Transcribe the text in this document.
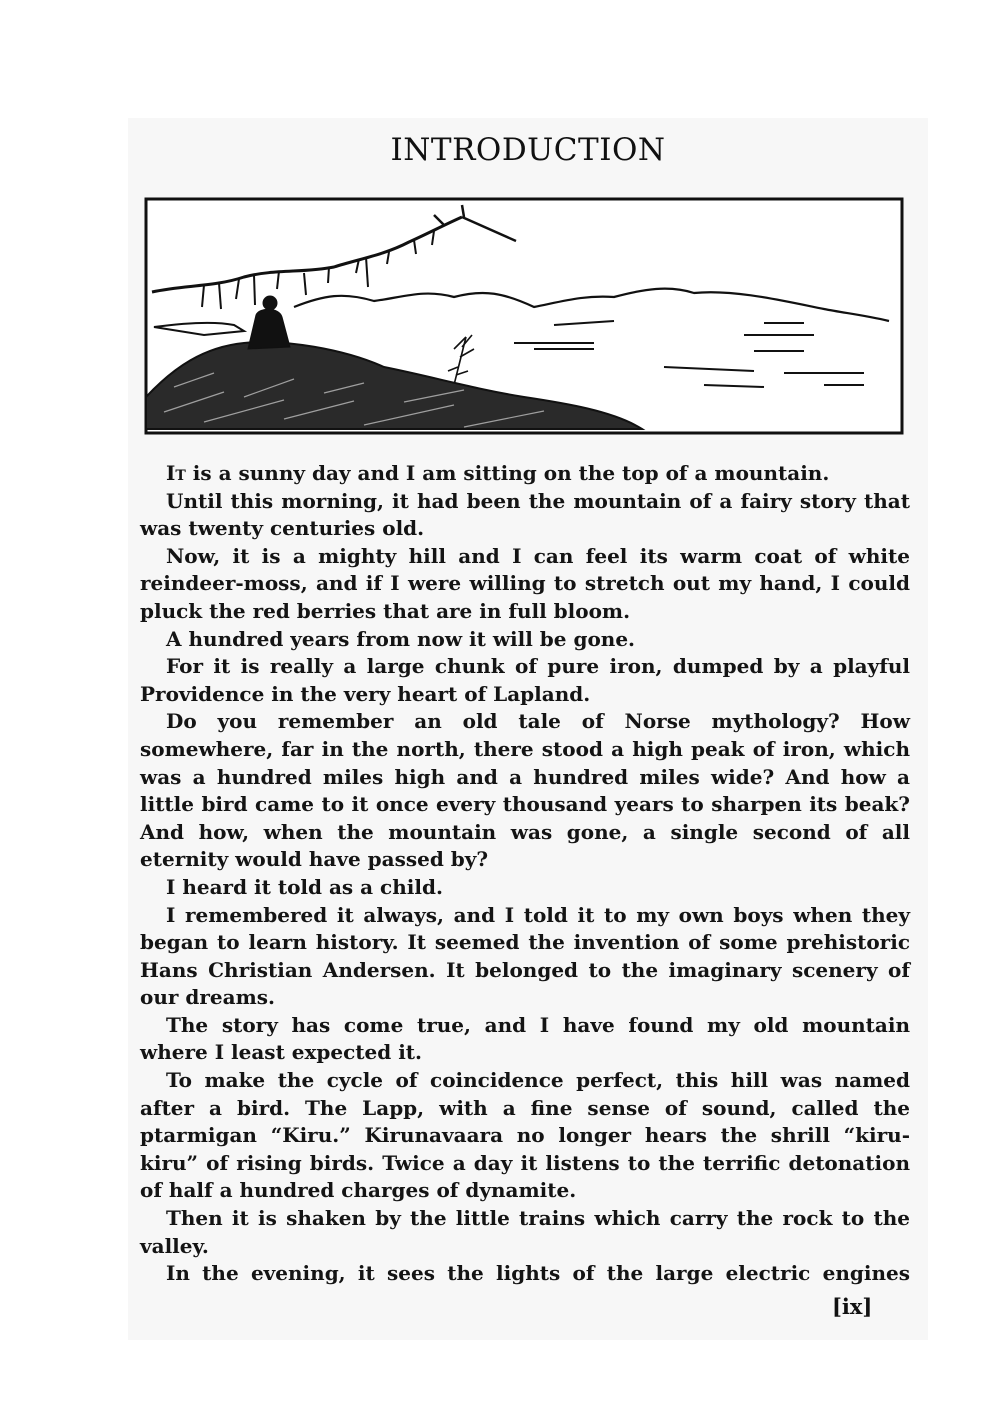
INTRODUCTION

It is a sunny day and I am sitting on the top of a mountain.

Until this morning, it had been the mountain of a fairy story that was twenty centuries old.

Now, it is a mighty hill and I can feel its warm coat of white reindeer-moss, and if I were willing to stretch out my hand, I could pluck the red berries that are in full bloom.

A hundred years from now it will be gone.

For it is really a large chunk of pure iron, dumped by a playful Providence in the very heart of Lapland.

Do you remember an old tale of Norse mythology? How somewhere, far in the north, there stood a high peak of iron, which was a hundred miles high and a hundred miles wide? And how a little bird came to it once every thousand years to sharpen its beak? And how, when the mountain was gone, a single second of all eternity would have passed by?

I heard it told as a child.

I remembered it always, and I told it to my own boys when they began to learn history. It seemed the invention of some prehistoric Hans Christian Andersen. It belonged to the imaginary scenery of our dreams.

The story has come true, and I have found my old mountain where I least expected it.

To make the cycle of coincidence perfect, this hill was named after a bird. The Lapp, with a fine sense of sound, called the ptarmigan “Kiru.” Kirunavaara no longer hears the shrill “kiru-kiru” of rising birds. Twice a day it listens to the terrific detonation of half a hundred charges of dynamite.

Then it is shaken by the little trains which carry the rock to the valley.

In the evening, it sees the lights of the large electric engines

[ix]
